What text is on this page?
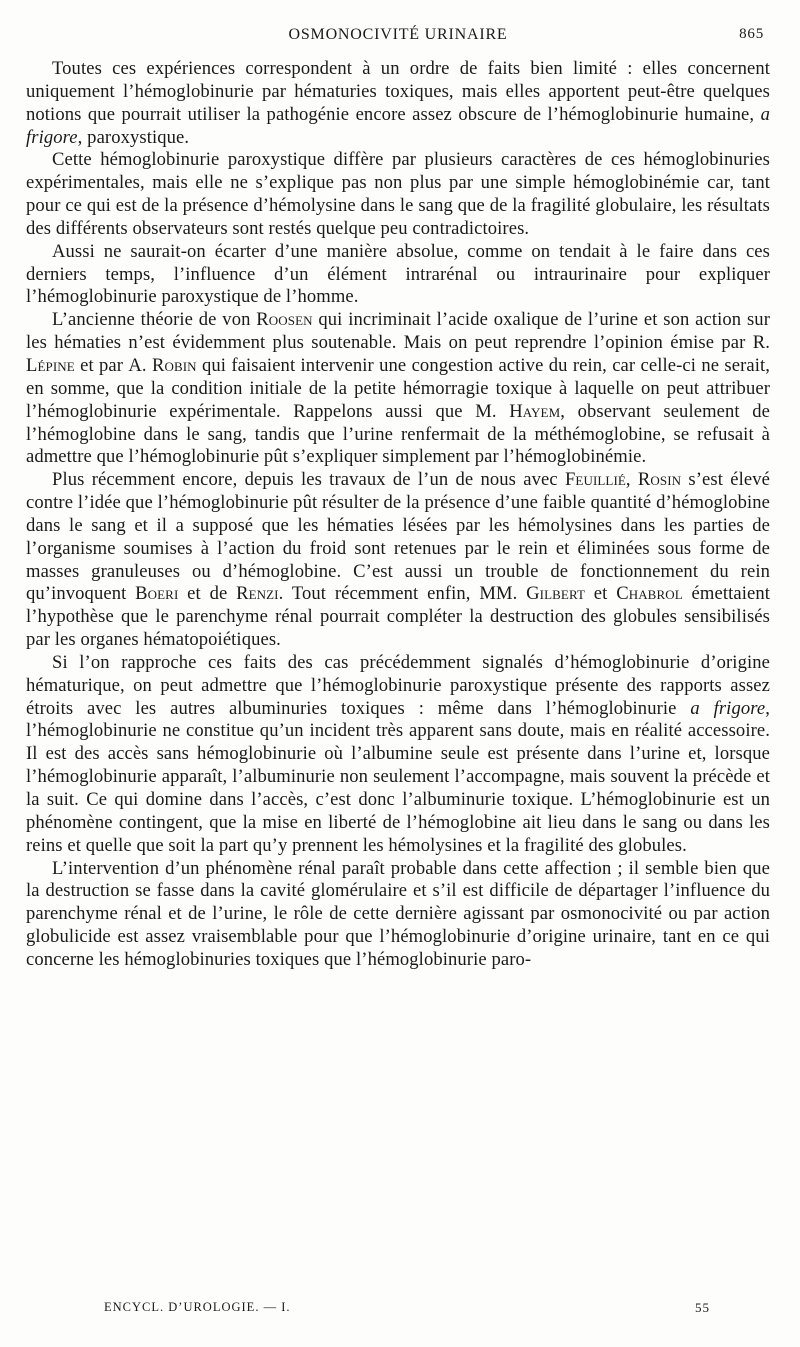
OSMONOCIVITÉ URINAIRE	865

Toutes ces expériences correspondent à un ordre de faits bien limité : elles concernent uniquement l’hémoglobinurie par hématuries toxiques, mais elles apportent peut-être quelques notions que pourrait utiliser la pathogénie encore assez obscure de l’hémoglobinurie humaine, a frigore, paroxystique.

Cette hémoglobinurie paroxystique diffère par plusieurs caractères de ces hémoglobinuries expérimentales, mais elle ne s’explique pas non plus par une simple hémoglobinémie car, tant pour ce qui est de la présence d’hémolysine dans le sang que de la fragilité globulaire, les résultats des différents observateurs sont restés quelque peu contradictoires.

Aussi ne saurait-on écarter d’une manière absolue, comme on tendait à le faire dans ces derniers temps, l’influence d’un élément intrarénal ou intraurinaire pour expliquer l’hémoglobinurie paroxystique de l’homme.

L’ancienne théorie de von Roosen qui incriminait l’acide oxalique de l’urine et son action sur les hématies n’est évidemment plus soutenable. Mais on peut reprendre l’opinion émise par R. Lépine et par A. Robin qui faisaient intervenir une congestion active du rein, car celle-ci ne serait, en somme, que la condition initiale de la petite hémorragie toxique à laquelle on peut attribuer l’hémoglobinurie expérimentale. Rappelons aussi que M. Hayem, observant seulement de l’hémoglobine dans le sang, tandis que l’urine renfermait de la méthémoglobine, se refusait à admettre que l’hémoglobinurie pût s’expliquer simplement par l’hémoglobinémie.

Plus récemment encore, depuis les travaux de l’un de nous avec Feuillié, Rosin s’est élevé contre l’idée que l’hémoglobinurie pût résulter de la présence d’une faible quantité d’hémoglobine dans le sang et il a supposé que les hématies lésées par les hémolysines dans les parties de l’organisme soumises à l’action du froid sont retenues par le rein et éliminées sous forme de masses granuleuses ou d’hémoglobine. C’est aussi un trouble de fonctionnement du rein qu’invoquent Boeri et de Renzi. Tout récemment enfin, MM. Gilbert et Chabrol émettaient l’hypothèse que le parenchyme rénal pourrait compléter la destruction des globules sensibilisés par les organes hématopoiétiques.

Si l’on rapproche ces faits des cas précédemment signalés d’hémoglobinurie d’origine hématurique, on peut admettre que l’hémoglobinurie paroxystique présente des rapports assez étroits avec les autres albuminuries toxiques : même dans l’hémoglobinurie a frigore, l’hémoglobinurie ne constitue qu’un incident très apparent sans doute, mais en réalité accessoire. Il est des accès sans hémoglobinurie où l’albumine seule est présente dans l’urine et, lorsque l’hémoglobinurie apparaît, l’albuminurie non seulement l’accompagne, mais souvent la précède et la suit. Ce qui domine dans l’accès, c’est donc l’albuminurie toxique. L’hémoglobinurie est un phénomène contingent, que la mise en liberté de l’hémoglobine ait lieu dans le sang ou dans les reins et quelle que soit la part qu’y prennent les hémolysines et la fragilité des globules.

L’intervention d’un phénomène rénal paraît probable dans cette affection ; il semble bien que la destruction se fasse dans la cavité glomérulaire et s’il est difficile de départager l’influence du parenchyme rénal et de l’urine, le rôle de cette dernière agissant par osmonocivité ou par action globulicide est assez vraisemblable pour que l’hémoglobinurie d’origine urinaire, tant en ce qui concerne les hémoglobinuries toxiques que l’hémoglobinurie paro-

ENCYCL. D’UROLOGIE. — I.	55
